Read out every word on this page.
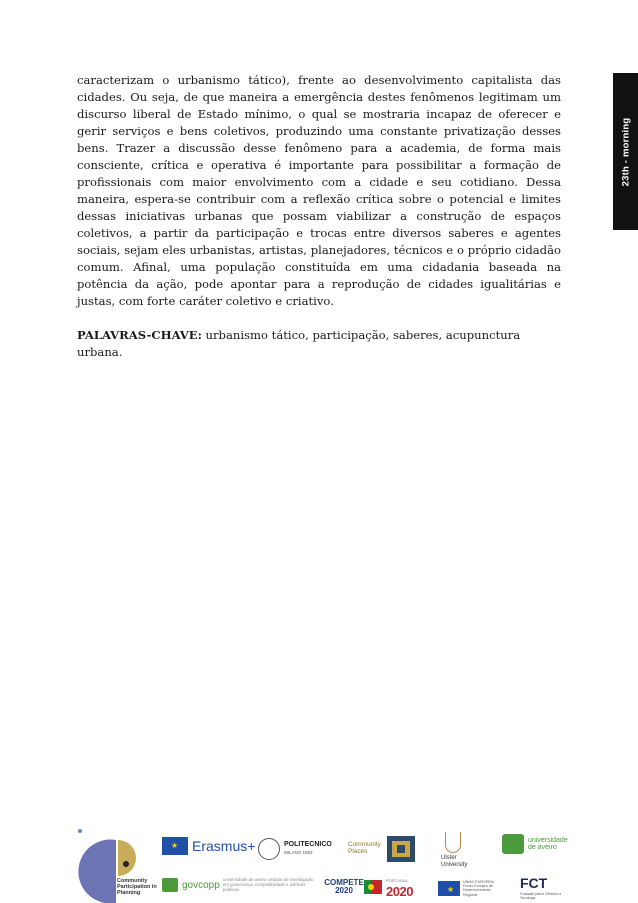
23th - morning

caracterizam o urbanismo tático), frente ao desenvolvimento capitalista das cidades. Ou seja, de que maneira a emergência destes fenômenos legitimam um discurso liberal de Estado mínimo, o qual se mostraria incapaz de oferecer e gerir serviços e bens coletivos, produzindo uma constante privatização desses bens. Trazer a discussão desse fenômeno para a academia, de forma mais consciente, crítica e operativa é importante para possibilitar a formação de profissionais com maior envolvimento com a cidade e seu cotidiano. Dessa maneira, espera-se contribuir com a reflexão crítica sobre o potencial e limites dessas iniciativas urbanas que possam viabilizar a construção de espaços coletivos, a partir da participação e trocas entre diversos saberes e agentes sociais, sejam eles urbanistas, artistas, planejadores, técnicos e o próprio cidadão comum. Afinal, uma população constituída em uma cidadania baseada na potência da ação, pode apontar para a reprodução de cidades igualitárias e justas, com forte caráter coletivo e criativo.

PALAVRAS-CHAVE: urbanismo tático, participação, saberes, acupunctura urbana.

Community Participation in Planning
★
Erasmus+	POLITECNICO
MILANO 1863
Community Places
Ulster University
universidade de aveiro
govcopp universidade de aveiro unidade de investigação em governança, competitividade e políticas públicas
COMPETE 2020
PORTUGAL
2020
★
UNIÃO EUROPEIA Fundo Europeu de Desenvolvimento Regional
FCT
Fundação para a Ciência e a Tecnologia
